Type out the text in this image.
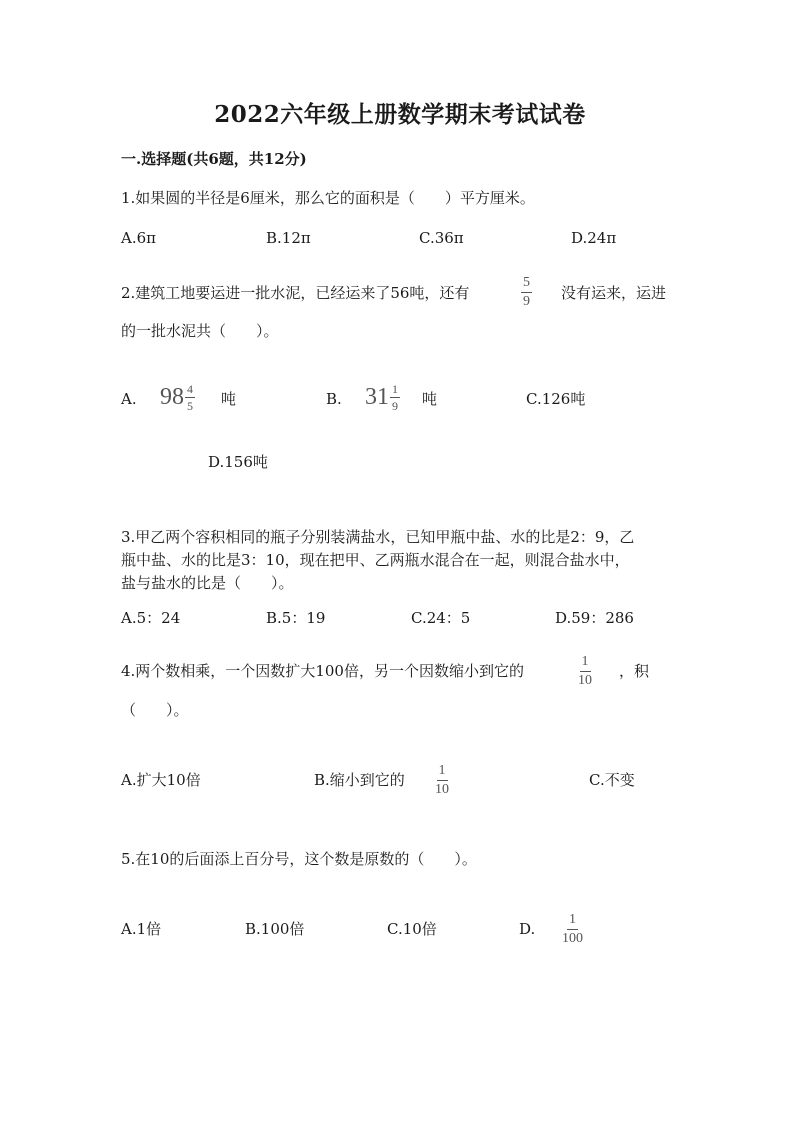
2022六年级上册数学期末考试试卷
一.选择题(共6题，共12分)
1.如果圆的半径是6厘米，那么它的面积是（　　）平方厘米。
A.6π	B.12π	C.36π	D.24π
2.建筑工地要运进一批水泥，已经运来了56吨，还有	$\frac{5}{9}$ 没有运来，运进
的一批水泥共（　　）。
A. $98 \frac{4}{5}$ 吨	B. $31 \frac{1}{9}$ 吨	C.126吨
D.156吨
3.甲乙两个容积相同的瓶子分别装满盐水，已知甲瓶中盐、水的比是2：9，乙
瓶中盐、水的比是3：10，现在把甲、乙两瓶水混合在一起，则混合盐水中，
盐与盐水的比是（　　）。
A.5：24	B.5：19	C.24：5	D.59：286
4.两个数相乘，一个因数扩大100倍，另一个因数缩小到它的	$\frac{1}{10}$ ，积
（　　）。
A.扩大10倍	B.缩小到它的 $\frac{1}{10}$	C.不变
5.在10的后面添上百分号，这个数是原数的（　　）。
A.1倍	B.100倍	C.10倍	D. $\frac{1}{100}$
